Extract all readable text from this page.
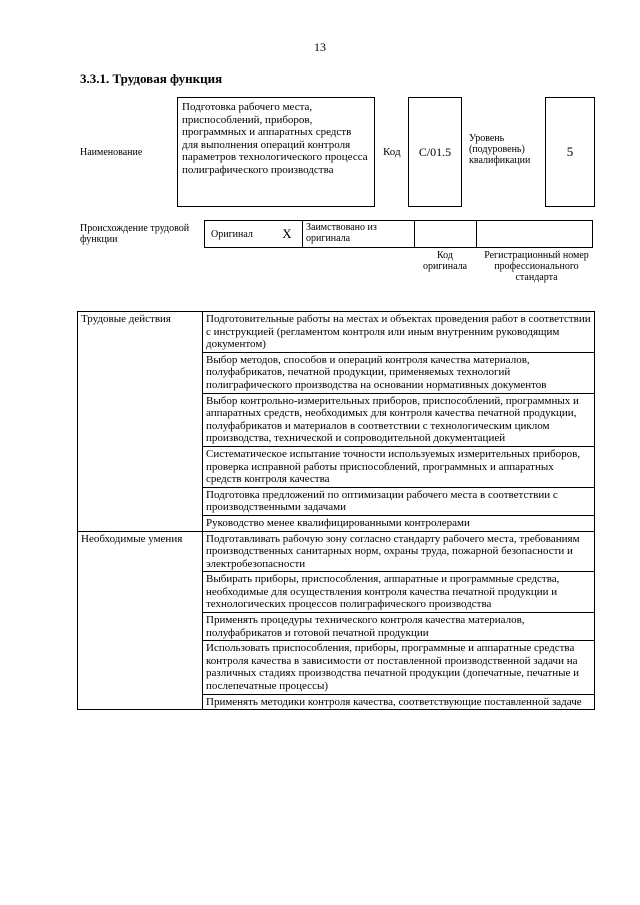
13
3.3.1. Трудовая функция
Наименование
Подготовка рабочего места, приспособлений, приборов, программных и аппаратных средств для выполнения операций контроля параметров технологического процесса полиграфического производства
Код	C/01.5
Уровень (подуровень) квалификации
5
Происхождение трудовой функции	Оригинал	X	Заимствовано из оригинала
Код оригинала
Регистрационный номер профессионального стандарта
Трудовые действия	Подготовительные работы на местах и объектах проведения работ в соответствии с инструкцией (регламентом контроля или иным внутренним руководящим документом)
	Выбор методов, способов и операций контроля качества материалов, полуфабрикатов, печатной продукции, применяемых технологий полиграфического производства на основании нормативных документов
	Выбор контрольно-измерительных приборов, приспособлений, программных и аппаратных средств, необходимых для контроля качества печатной продукции, полуфабрикатов и материалов в соответствии с технологическим циклом производства, технической и сопроводительной документацией
	Систематическое испытание точности используемых измерительных приборов, проверка исправной работы приспособлений, программных и аппаратных средств контроля качества
	Подготовка предложений по оптимизации рабочего места в соответствии с производственными задачами
	Руководство менее квалифицированными контролерами
Необходимые умения	Подготавливать рабочую зону согласно стандарту рабочего места, требованиям производственных санитарных норм, охраны труда, пожарной безопасности и электробезопасности
	Выбирать приборы, приспособления, аппаратные и программные средства, необходимые для осуществления контроля качества печатной продукции и технологических процессов полиграфического производства
	Применять процедуры технического контроля качества материалов, полуфабрикатов и готовой печатной продукции
	Использовать приспособления, приборы, программные и аппаратные средства контроля качества в зависимости от поставленной производственной задачи на различных стадиях производства печатной продукции (допечатные, печатные и послепечатные процессы)
	Применять методики контроля качества, соответствующие поставленной задаче
